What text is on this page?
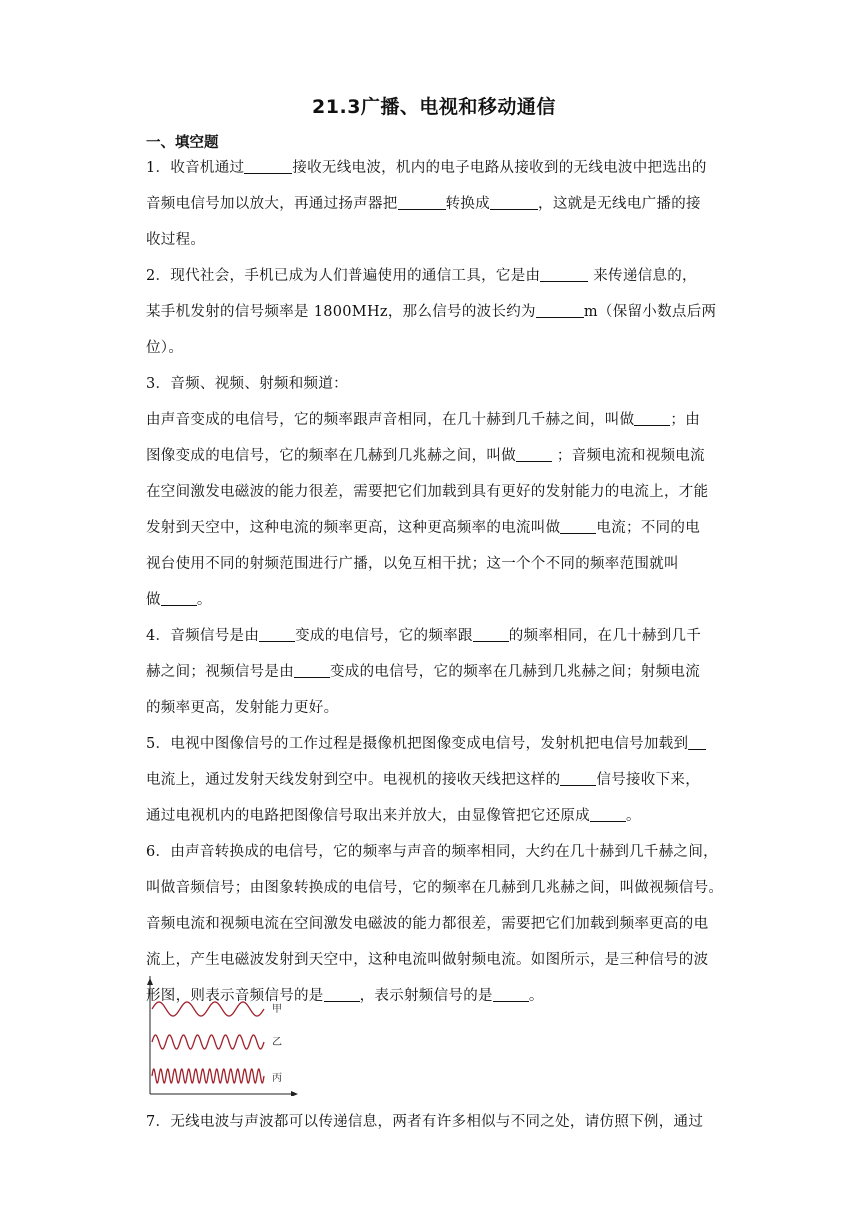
21.3广播、电视和移动通信
一、填空题
1．收音机通过	接收无线电波，机内的电子电路从接收到的无线电波中把选出的
音频电信号加以放大，再通过扬声器把	转换成	，这就是无线电广播的接
收过程。
2．现代社会，手机已成为人们普遍使用的通信工具，它是由	来传递信息的，
某手机发射的信号频率是 1800MHz，那么信号的波长约为	m（保留小数点后两
位）。
3．音频、视频、射频和频道：
由声音变成的电信号，它的频率跟声音相同，在几十赫到几千赫之间，叫做 ；由
图像变成的电信号，它的频率在几赫到几兆赫之间，叫做 ；音频电流和视频电流
在空间激发电磁波的能力很差，需要把它们加载到具有更好的发射能力的电流上，才能
发射到天空中，这种电流的频率更高，这种更高频率的电流叫做 电流；不同的电
视台使用不同的射频范围进行广播，以免互相干扰；这一个个不同的频率范围就叫
做 。
4．音频信号是由 变成的电信号，它的频率跟 的频率相同，在几十赫到几千
赫之间；视频信号是由 变成的电信号，它的频率在几赫到几兆赫之间；射频电流
的频率更高，发射能力更好。
5．电视中图像信号的工作过程是摄像机把图像变成电信号，发射机把电信号加载到
电流上，通过发射天线发射到空中。电视机的接收天线把这样的 信号接收下来，
通过电视机内的电路把图像信号取出来并放大，由显像管把它还原成 。
6．由声音转换成的电信号，它的频率与声音的频率相同，大约在几十赫到几千赫之间，
叫做音频信号；由图象转换成的电信号，它的频率在几赫到几兆赫之间，叫做视频信号。
音频电流和视频电流在空间激发电磁波的能力都很差，需要把它们加载到频率更高的电
流上，产生电磁波发射到天空中，这种电流叫做射频电流。如图所示，是三种信号的波
形图，则表示音频信号的是 ，表示射频信号的是 。
甲
乙
丙
7．无线电波与声波都可以传递信息，两者有许多相似与不同之处，请仿照下例，通过
